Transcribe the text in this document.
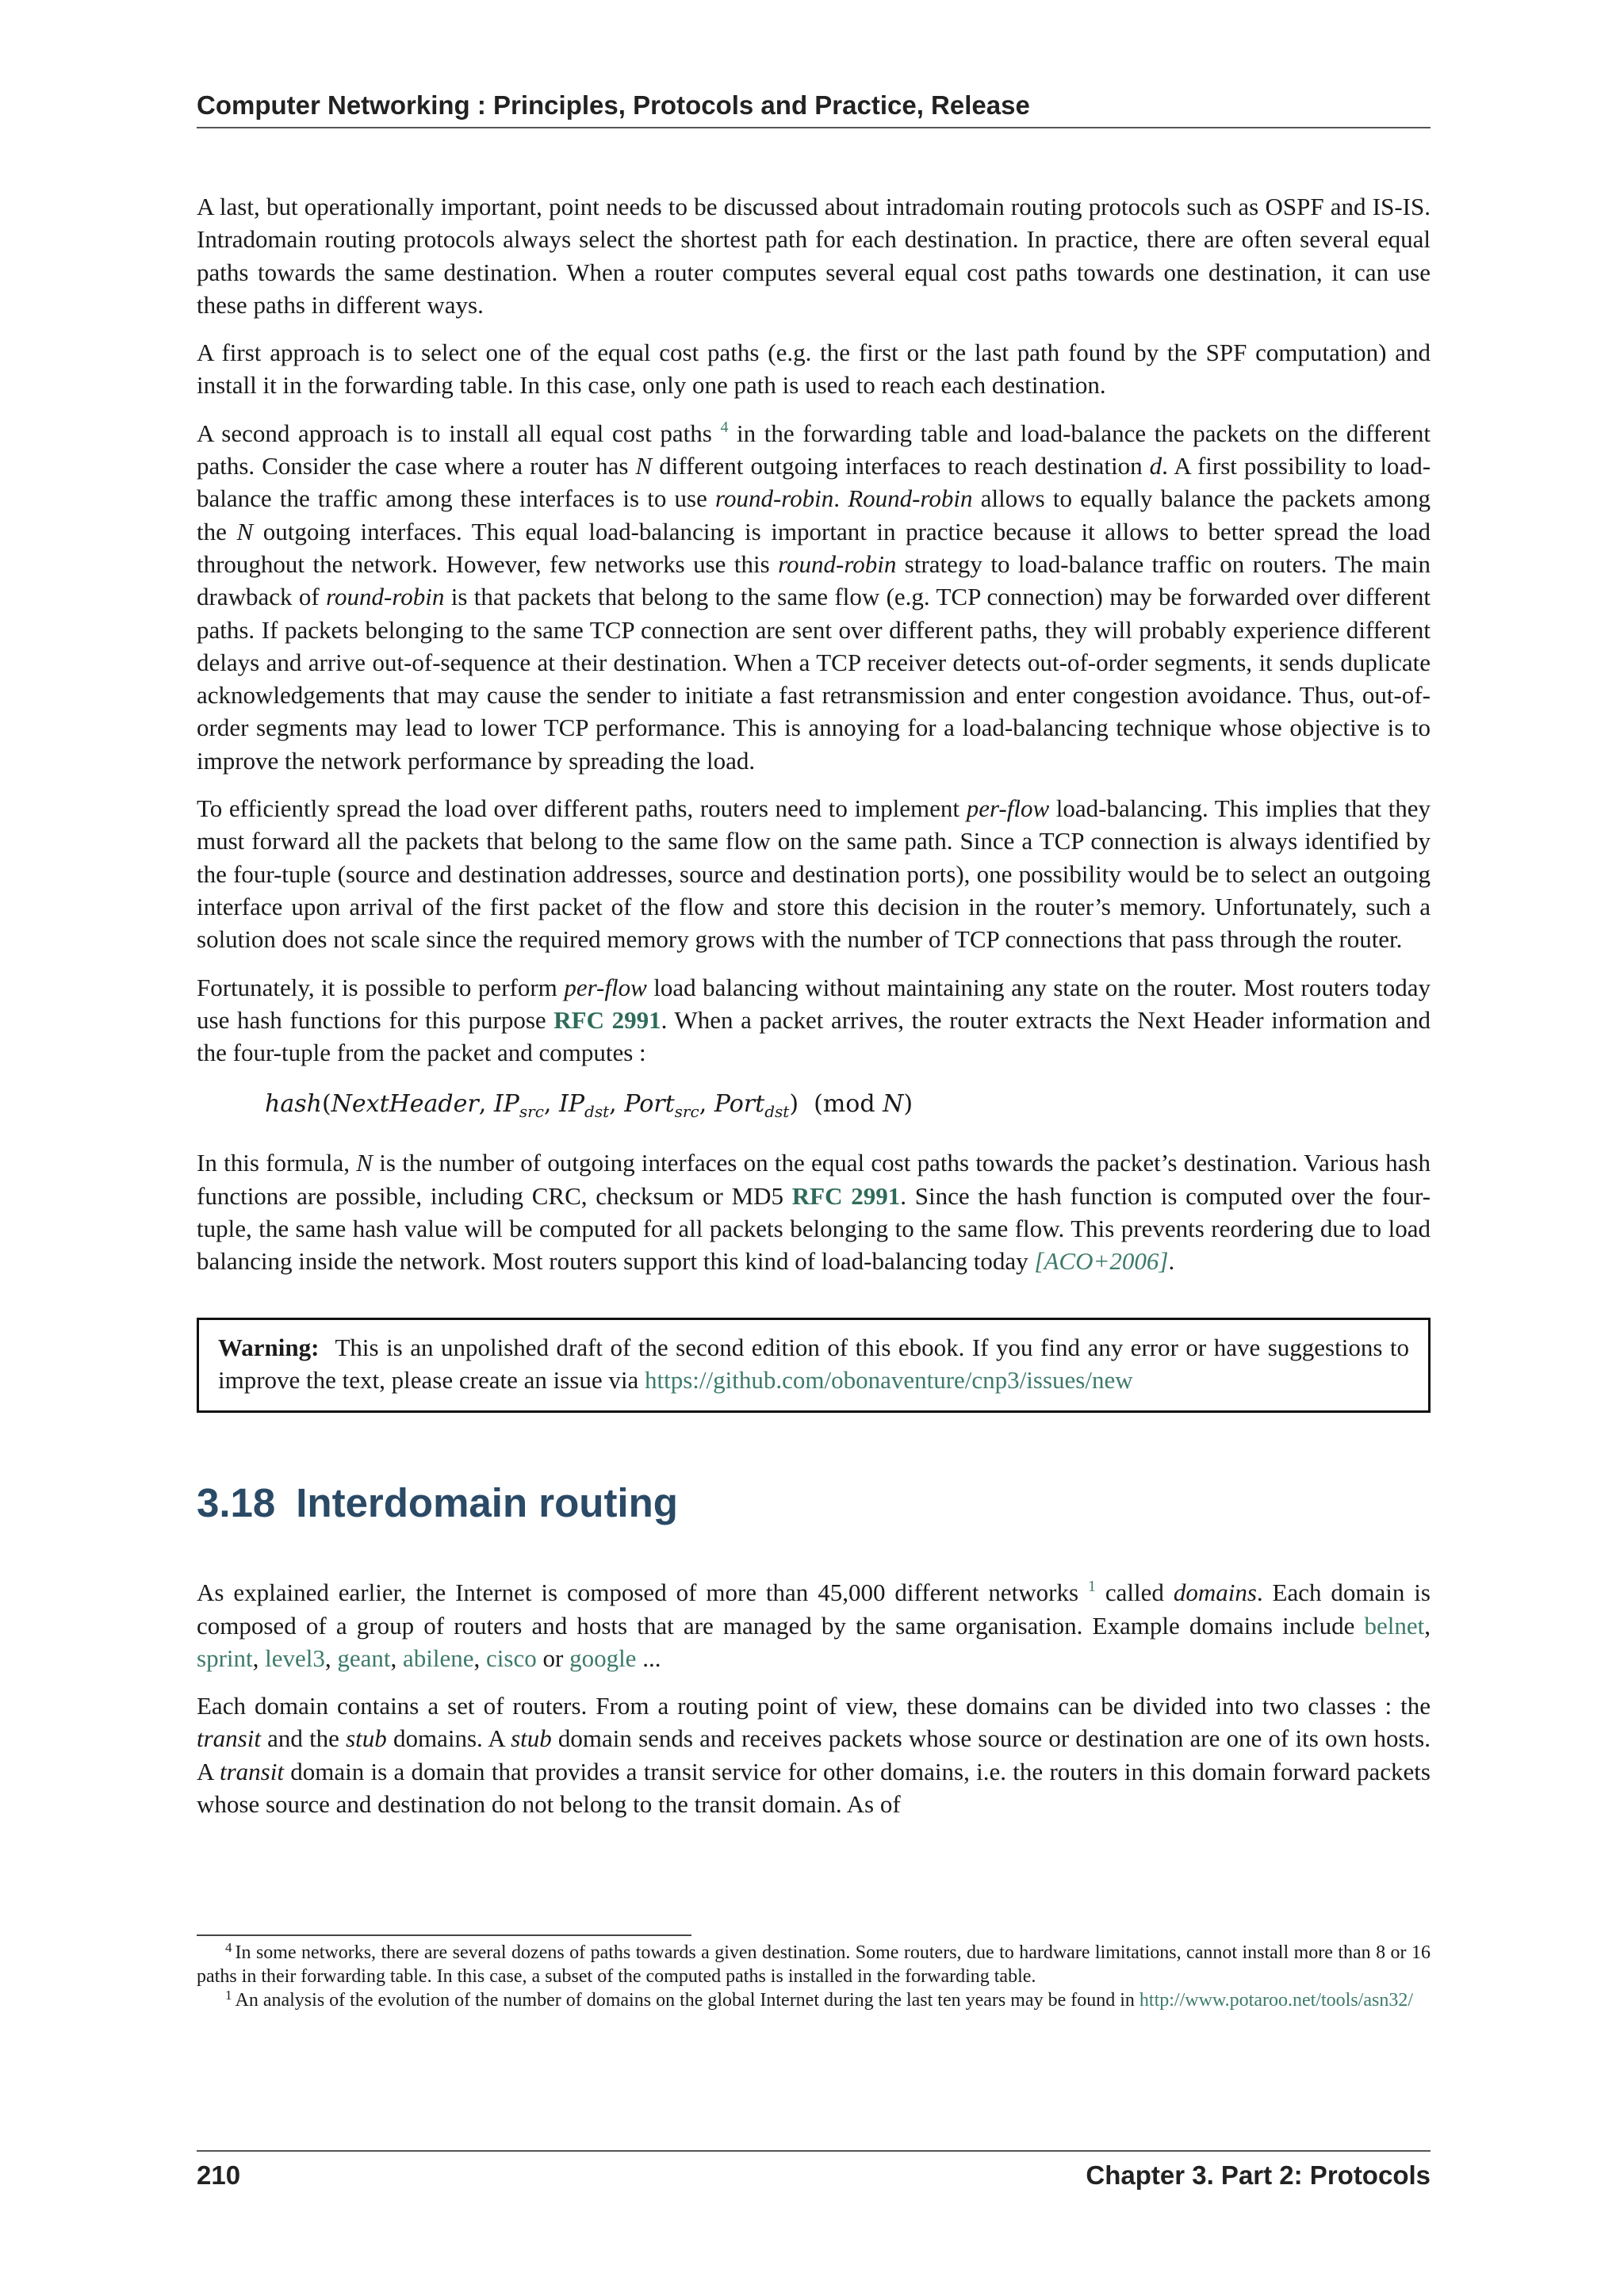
Computer Networking : Principles, Protocols and Practice, Release

A last, but operationally important, point needs to be discussed about intradomain routing protocols such as OSPF and IS-IS. Intradomain routing protocols always select the shortest path for each destination. In practice, there are often several equal paths towards the same destination. When a router computes several equal cost paths towards one destination, it can use these paths in different ways.

A first approach is to select one of the equal cost paths (e.g. the first or the last path found by the SPF computation) and install it in the forwarding table. In this case, only one path is used to reach each destination.

A second approach is to install all equal cost paths $^4$ in the forwarding table and load-balance the packets on the different paths. Consider the case where a router has N different outgoing interfaces to reach destination d. A first possibility to load-balance the traffic among these interfaces is to use round-robin. Round-robin allows to equally balance the packets among the N outgoing interfaces. This equal load-balancing is important in practice because it allows to better spread the load throughout the network. However, few networks use this round-robin strategy to load-balance traffic on routers. The main drawback of round-robin is that packets that belong to the same flow (e.g. TCP connection) may be forwarded over different paths. If packets belonging to the same TCP connection are sent over different paths, they will probably experience different delays and arrive out-of-sequence at their destination. When a TCP receiver detects out-of-order segments, it sends duplicate acknowledgements that may cause the sender to initiate a fast retransmission and enter congestion avoidance. Thus, out-of-order segments may lead to lower TCP performance. This is annoying for a load-balancing technique whose objective is to improve the network performance by spreading the load.

To efficiently spread the load over different paths, routers need to implement per-flow load-balancing. This implies that they must forward all the packets that belong to the same flow on the same path. Since a TCP connection is always identified by the four-tuple (source and destination addresses, source and destination ports), one possibility would be to select an outgoing interface upon arrival of the first packet of the flow and store this decision in the router’s memory. Unfortunately, such a solution does not scale since the required memory grows with the number of TCP connections that pass through the router.

Fortunately, it is possible to perform per-flow load balancing without maintaining any state on the router. Most routers today use hash functions for this purpose RFC 2991. When a packet arrives, the router extracts the Next Header information and the four-tuple from the packet and computes :

hash(NextHeader, $IP_{src}$, $IP_{dst}$, Port$_{src}$, Port$_{dst}$) (mod N)

In this formula, N is the number of outgoing interfaces on the equal cost paths towards the packet’s destination. Various hash functions are possible, including CRC, checksum or MD5 RFC 2991. Since the hash function is computed over the four-tuple, the same hash value will be computed for all packets belonging to the same flow. This prevents reordering due to load balancing inside the network. Most routers support this kind of load-balancing today [ACO+2006].

Warning: This is an unpolished draft of the second edition of this ebook. If you find any error or have suggestions to improve the text, please create an issue via https://github.com/obonaventure/cnp3/issues/new
3.18 Interdomain routing

As explained earlier, the Internet is composed of more than 45,000 different networks $^1$ called domains. Each domain is composed of a group of routers and hosts that are managed by the same organisation. Example domains include belnet, sprint, level3, geant, abilene, cisco or google ...

Each domain contains a set of routers. From a routing point of view, these domains can be divided into two classes : the transit and the stub domains. A stub domain sends and receives packets whose source or destination are one of its own hosts. A transit domain is a domain that provides a transit service for other domains, i.e. the routers in this domain forward packets whose source and destination do not belong to the transit domain. As of

$^4$ In some networks, there are several dozens of paths towards a given destination. Some routers, due to hardware limitations, cannot install more than 8 or 16 paths in their forwarding table. In this case, a subset of the computed paths is installed in the forwarding table.

$^1$ An analysis of the evolution of the number of domains on the global Internet during the last ten years may be found in http://www.potaroo.net/tools/asn32/

210	Chapter 3. Part 2: Protocols
